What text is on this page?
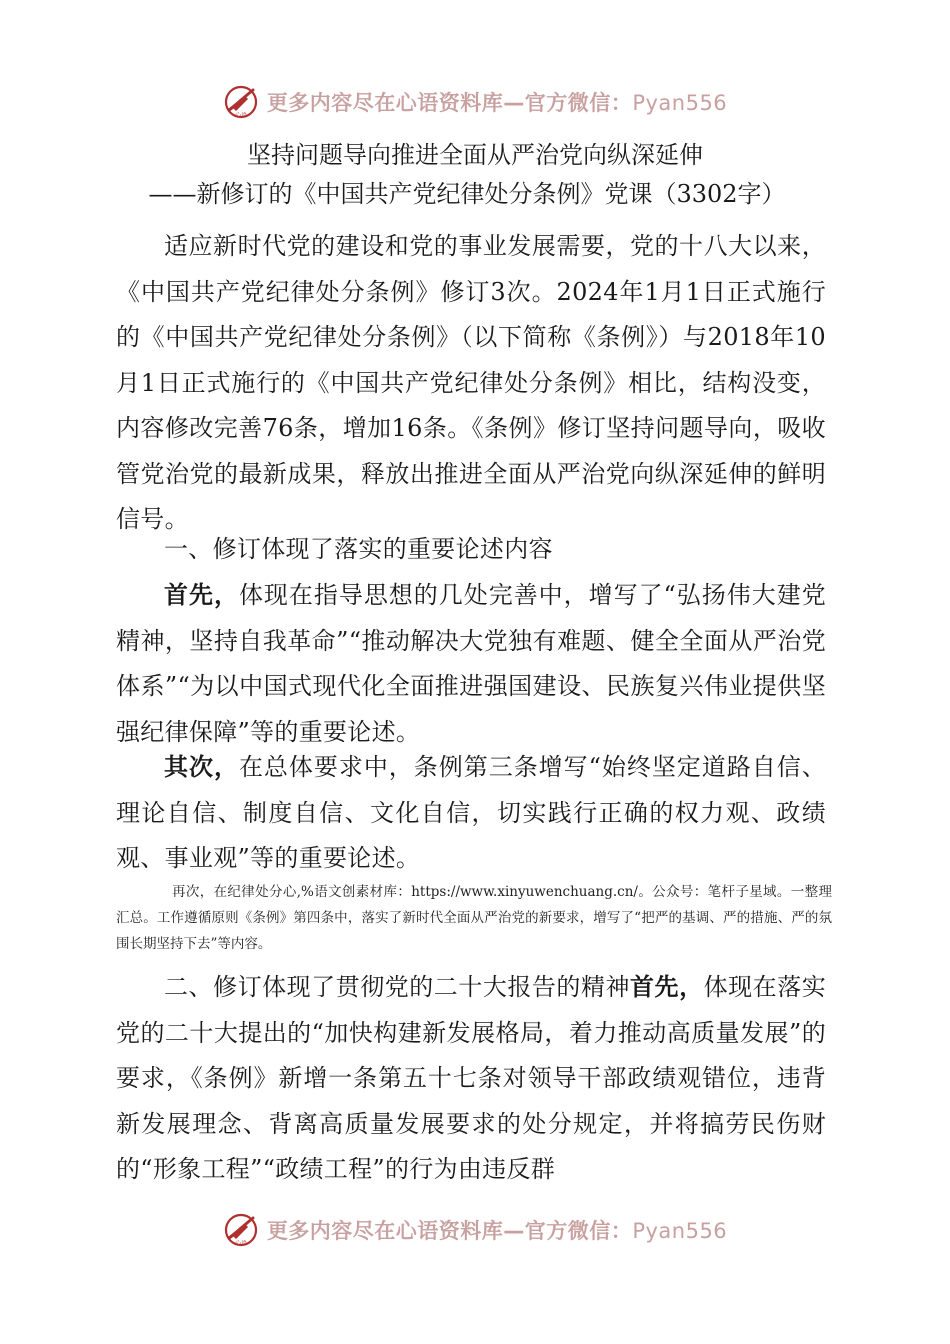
心语
更多内容尽在心语资料库—官方微信：Pyan556
坚持问题导向推进全面从严治党向纵深延伸
——新修订的《中国共产党纪律处分条例》党课（3302字）

适应新时代党的建设和党的事业发展需要，党的十八大以来，《中国共产党纪律处分条例》修订3次。2024年1月1日正式施行的《中国共产党纪律处分条例》（以下简称《条例》）与2018年10月1日正式施行的《中国共产党纪律处分条例》相比，结构没变，内容修改完善76条，增加16条。《条例》修订坚持问题导向，吸收管党治党的最新成果，释放出推进全面从严治党向纵深延伸的鲜明信号。

一、修订体现了落实的重要论述内容

首先，体现在指导思想的几处完善中，增写了“弘扬伟大建党精神，坚持自我革命”“推动解决大党独有难题、健全全面从严治党体系”“为以中国式现代化全面推进强国建设、民族复兴伟业提供坚强纪律保障”等的重要论述。

其次，在总体要求中，条例第三条增写“始终坚定道路自信、理论自信、制度自信、文化自信，切实践行正确的权力观、政绩观、事业观”等的重要论述。

再次，在纪律处分心,%语文创素材库：https://www.xinyuwenchuang.cn/。公众号：笔杆子星域。一整理汇总。工作遵循原则《条例》第四条中，落实了新时代全面从严治党的新要求，增写了“把严的基调、严的措施、严的氛围长期坚持下去”等内容。

二、修订体现了贯彻党的二十大报告的精神首先，体现在落实党的二十大提出的“加快构建新发展格局，着力推动高质量发展”的要求，《条例》新增一条第五十七条对领导干部政绩观错位，违背新发展理念、背离高质量发展要求的处分规定，并将搞劳民伤财的“形象工程”“政绩工程”的行为由违反群

心语
更多内容尽在心语资料库—官方微信：Pyan556
